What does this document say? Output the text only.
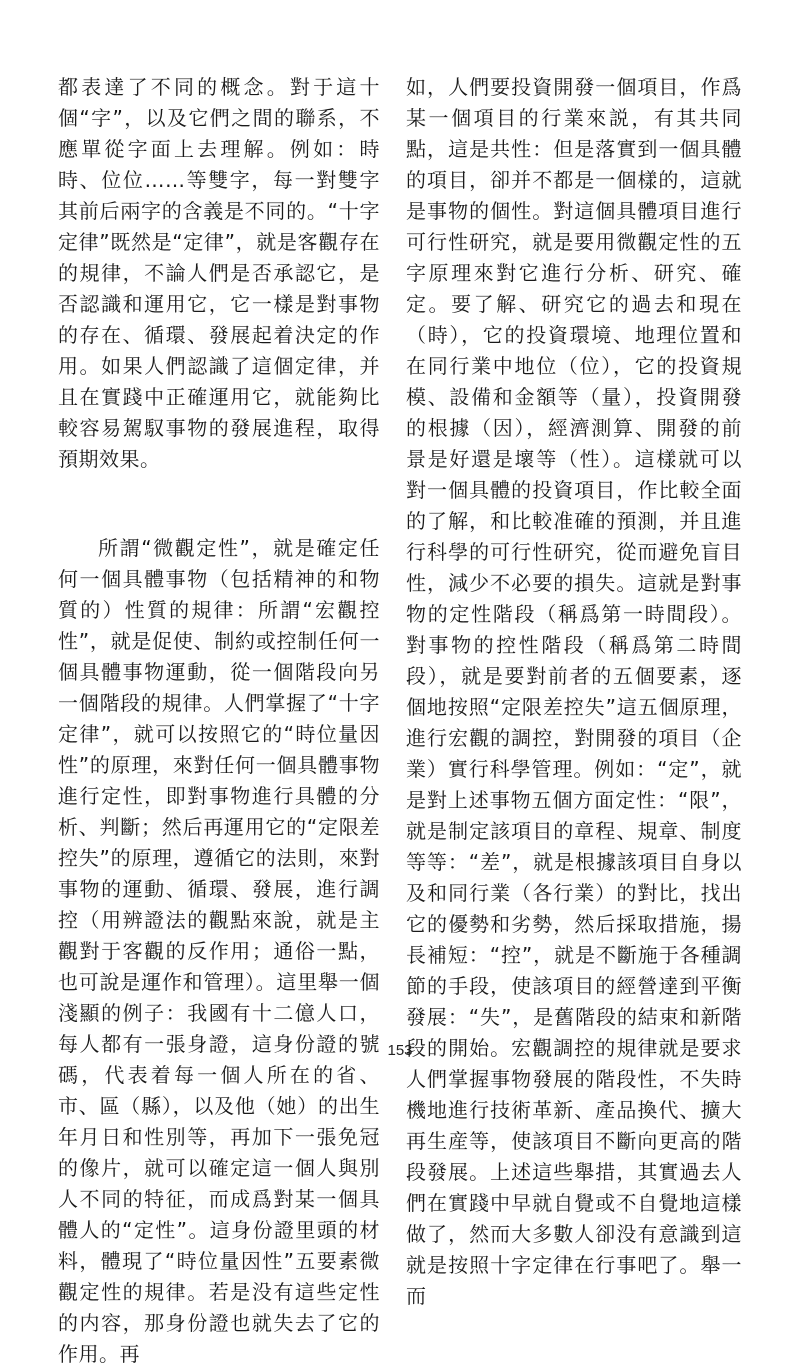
都表達了不同的概念。對于這十個“字”，以及它們之間的聯系，不應單從字面上去理解。例如：時時、位位……等雙字，每一對雙字其前后兩字的含義是不同的。“十字定律”既然是“定律”，就是客觀存在的規律，不論人們是否承認它，是否認識和運用它，它一樣是對事物的存在、循環、發展起着決定的作用。如果人們認識了這個定律，并且在實踐中正確運用它，就能夠比較容易駕馭事物的發展進程，取得預期效果。

所謂“微觀定性”，就是確定任何一個具體事物（包括精神的和物質的）性質的規律：所謂“宏觀控性”，就是促使、制約或控制任何一個具體事物運動，從一個階段向另一個階段的規律。人們掌握了“十字定律”，就可以按照它的“時位量因性”的原理，來對任何一個具體事物進行定性，即對事物進行具體的分析、判斷；然后再運用它的“定限差控失”的原理，遵循它的法則，來對事物的運動、循環、發展，進行調控（用辨證法的觀點來說，就是主觀對于客觀的反作用；通俗一點，也可說是運作和管理）。這里舉一個淺顯的例子：我國有十二億人口，每人都有一張身證，這身份證的號碼，代表着每一個人所在的省、市、區（縣），以及他（她）的出生年月日和性別等，再加下一張免冠的像片，就可以確定這一個人與別人不同的特征，而成爲對某一個具體人的“定性”。這身份證里頭的材料，體現了“時位量因性”五要素微觀定性的規律。若是没有這些定性的内容，那身份證也就失去了它的作用。再

如，人們要投資開發一個項目，作爲某一個項目的行業來説，有其共同點，這是共性：但是落實到一個具體的項目，卻并不都是一個樣的，這就是事物的個性。對這個具體項目進行可行性研究，就是要用微觀定性的五字原理來對它進行分析、研究、確定。要了解、研究它的過去和現在（時），它的投資環境、地理位置和在同行業中地位（位），它的投資規模、設備和金額等（量），投資開發的根據（因），經濟測算、開發的前景是好還是壞等（性）。這樣就可以對一個具體的投資項目，作比較全面的了解，和比較准確的預測，并且進行科學的可行性研究，從而避免盲目性，減少不必要的損失。這就是對事物的定性階段（稱爲第一時間段）。對事物的控性階段（稱爲第二時間段），就是要對前者的五個要素，逐個地按照“定限差控失”這五個原理，進行宏觀的調控，對開發的項目（企業）實行科學管理。例如：“定”，就是對上述事物五個方面定性：“限”，就是制定該項目的章程、規章、制度等等：“差”，就是根據該項目自身以及和同行業（各行業）的對比，找出它的優勢和劣勢，然后採取措施，揚長補短：“控”，就是不斷施于各種調節的手段，使該項目的經營達到平衡發展：“失”，是舊階段的結束和新階段的開始。宏觀調控的規律就是要求人們掌握事物發展的階段性，不失時機地進行技術革新、產品換代、擴大再生産等，使該項目不斷向更高的階段發展。上述這些舉措，其實過去人們在實踐中早就自覺或不自覺地這樣做了，然而大多數人卻没有意識到這就是按照十字定律在行事吧了。舉一而

153
